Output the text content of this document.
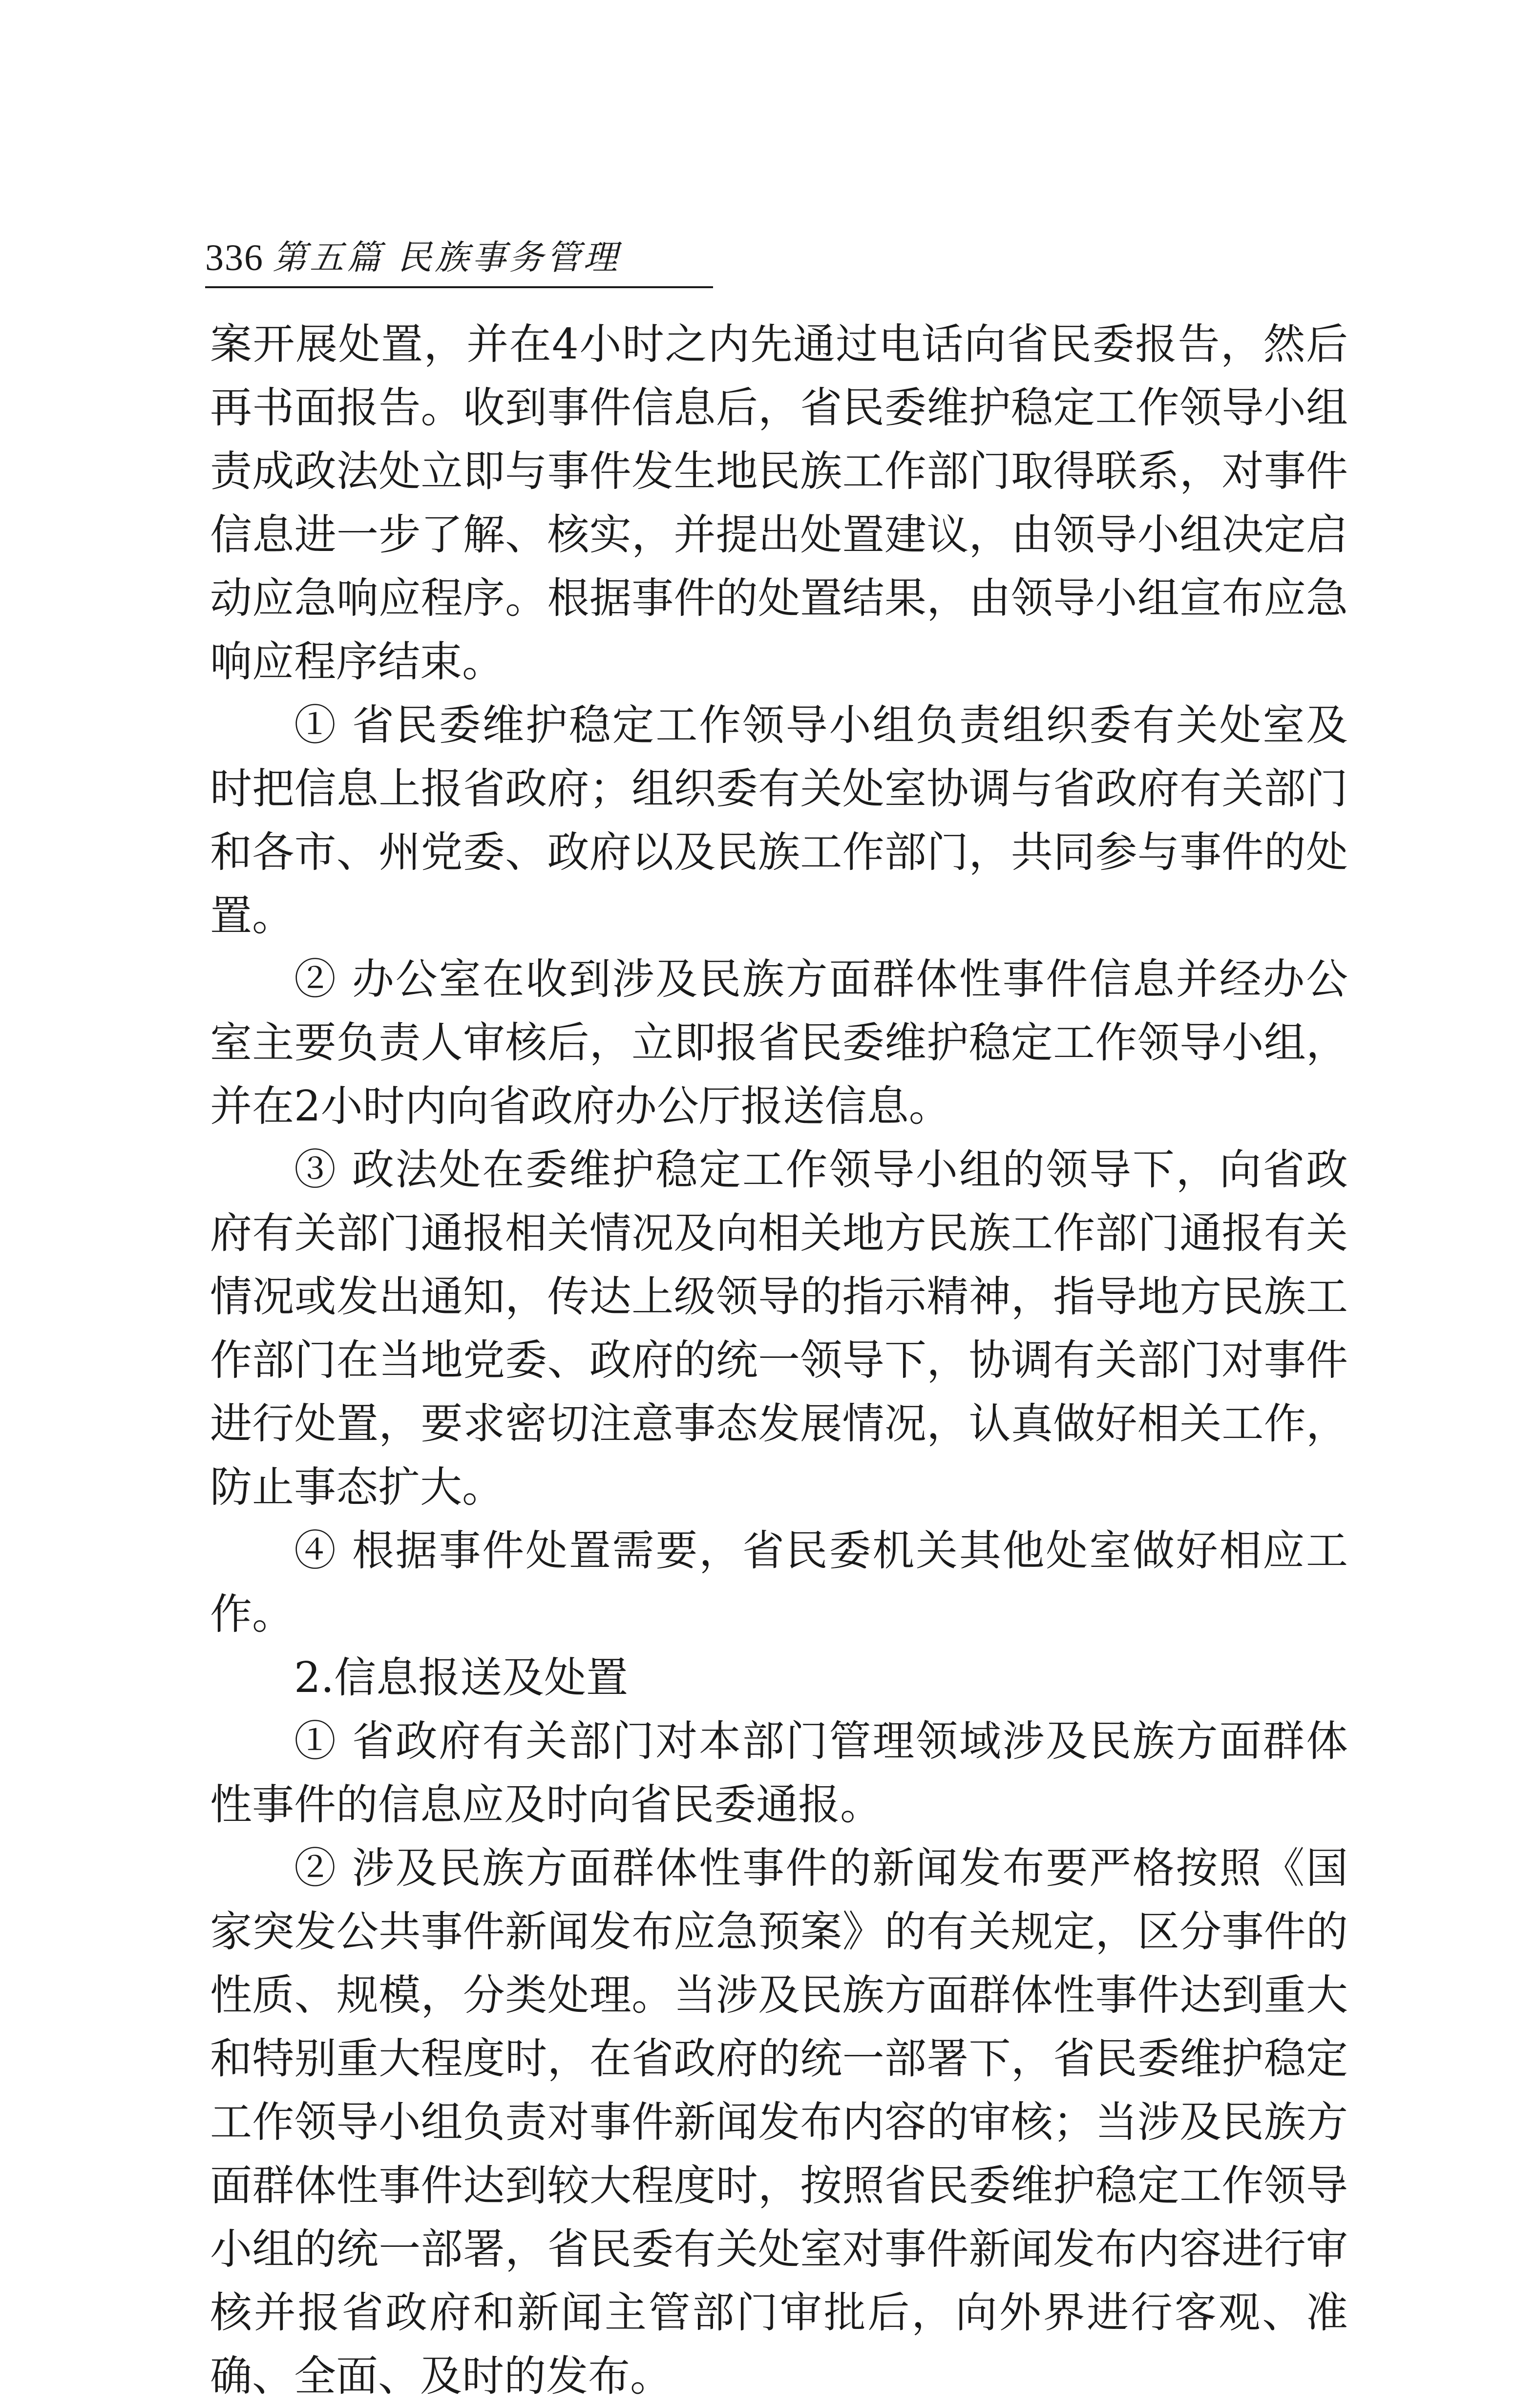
336 第五篇 民族事务管理

案开展处置，并在4小时之内先通过电话向省民委报告，然后再书面报告。收到事件信息后，省民委维护稳定工作领导小组责成政法处立即与事件发生地民族工作部门取得联系，对事件信息进一步了解、核实，并提出处置建议，由领导小组决定启动应急响应程序。根据事件的处置结果，由领导小组宣布应急响应程序结束。

① 省民委维护稳定工作领导小组负责组织委有关处室及时把信息上报省政府；组织委有关处室协调与省政府有关部门和各市、州党委、政府以及民族工作部门，共同参与事件的处置。

② 办公室在收到涉及民族方面群体性事件信息并经办公室主要负责人审核后，立即报省民委维护稳定工作领导小组，并在2小时内向省政府办公厅报送信息。

③ 政法处在委维护稳定工作领导小组的领导下，向省政府有关部门通报相关情况及向相关地方民族工作部门通报有关情况或发出通知，传达上级领导的指示精神，指导地方民族工作部门在当地党委、政府的统一领导下，协调有关部门对事件进行处置，要求密切注意事态发展情况，认真做好相关工作，防止事态扩大。

④ 根据事件处置需要，省民委机关其他处室做好相应工作。

2.信息报送及处置

① 省政府有关部门对本部门管理领域涉及民族方面群体性事件的信息应及时向省民委通报。

② 涉及民族方面群体性事件的新闻发布要严格按照《国家突发公共事件新闻发布应急预案》的有关规定，区分事件的性质、规模，分类处理。当涉及民族方面群体性事件达到重大和特别重大程度时，在省政府的统一部署下，省民委维护稳定工作领导小组负责对事件新闻发布内容的审核；当涉及民族方面群体性事件达到较大程度时，按照省民委维护稳定工作领导小组的统一部署，省民委有关处室对事件新闻发布内容进行审核并报省政府和新闻主管部门审批后，向外界进行客观、准确、全面、及时的发布。
